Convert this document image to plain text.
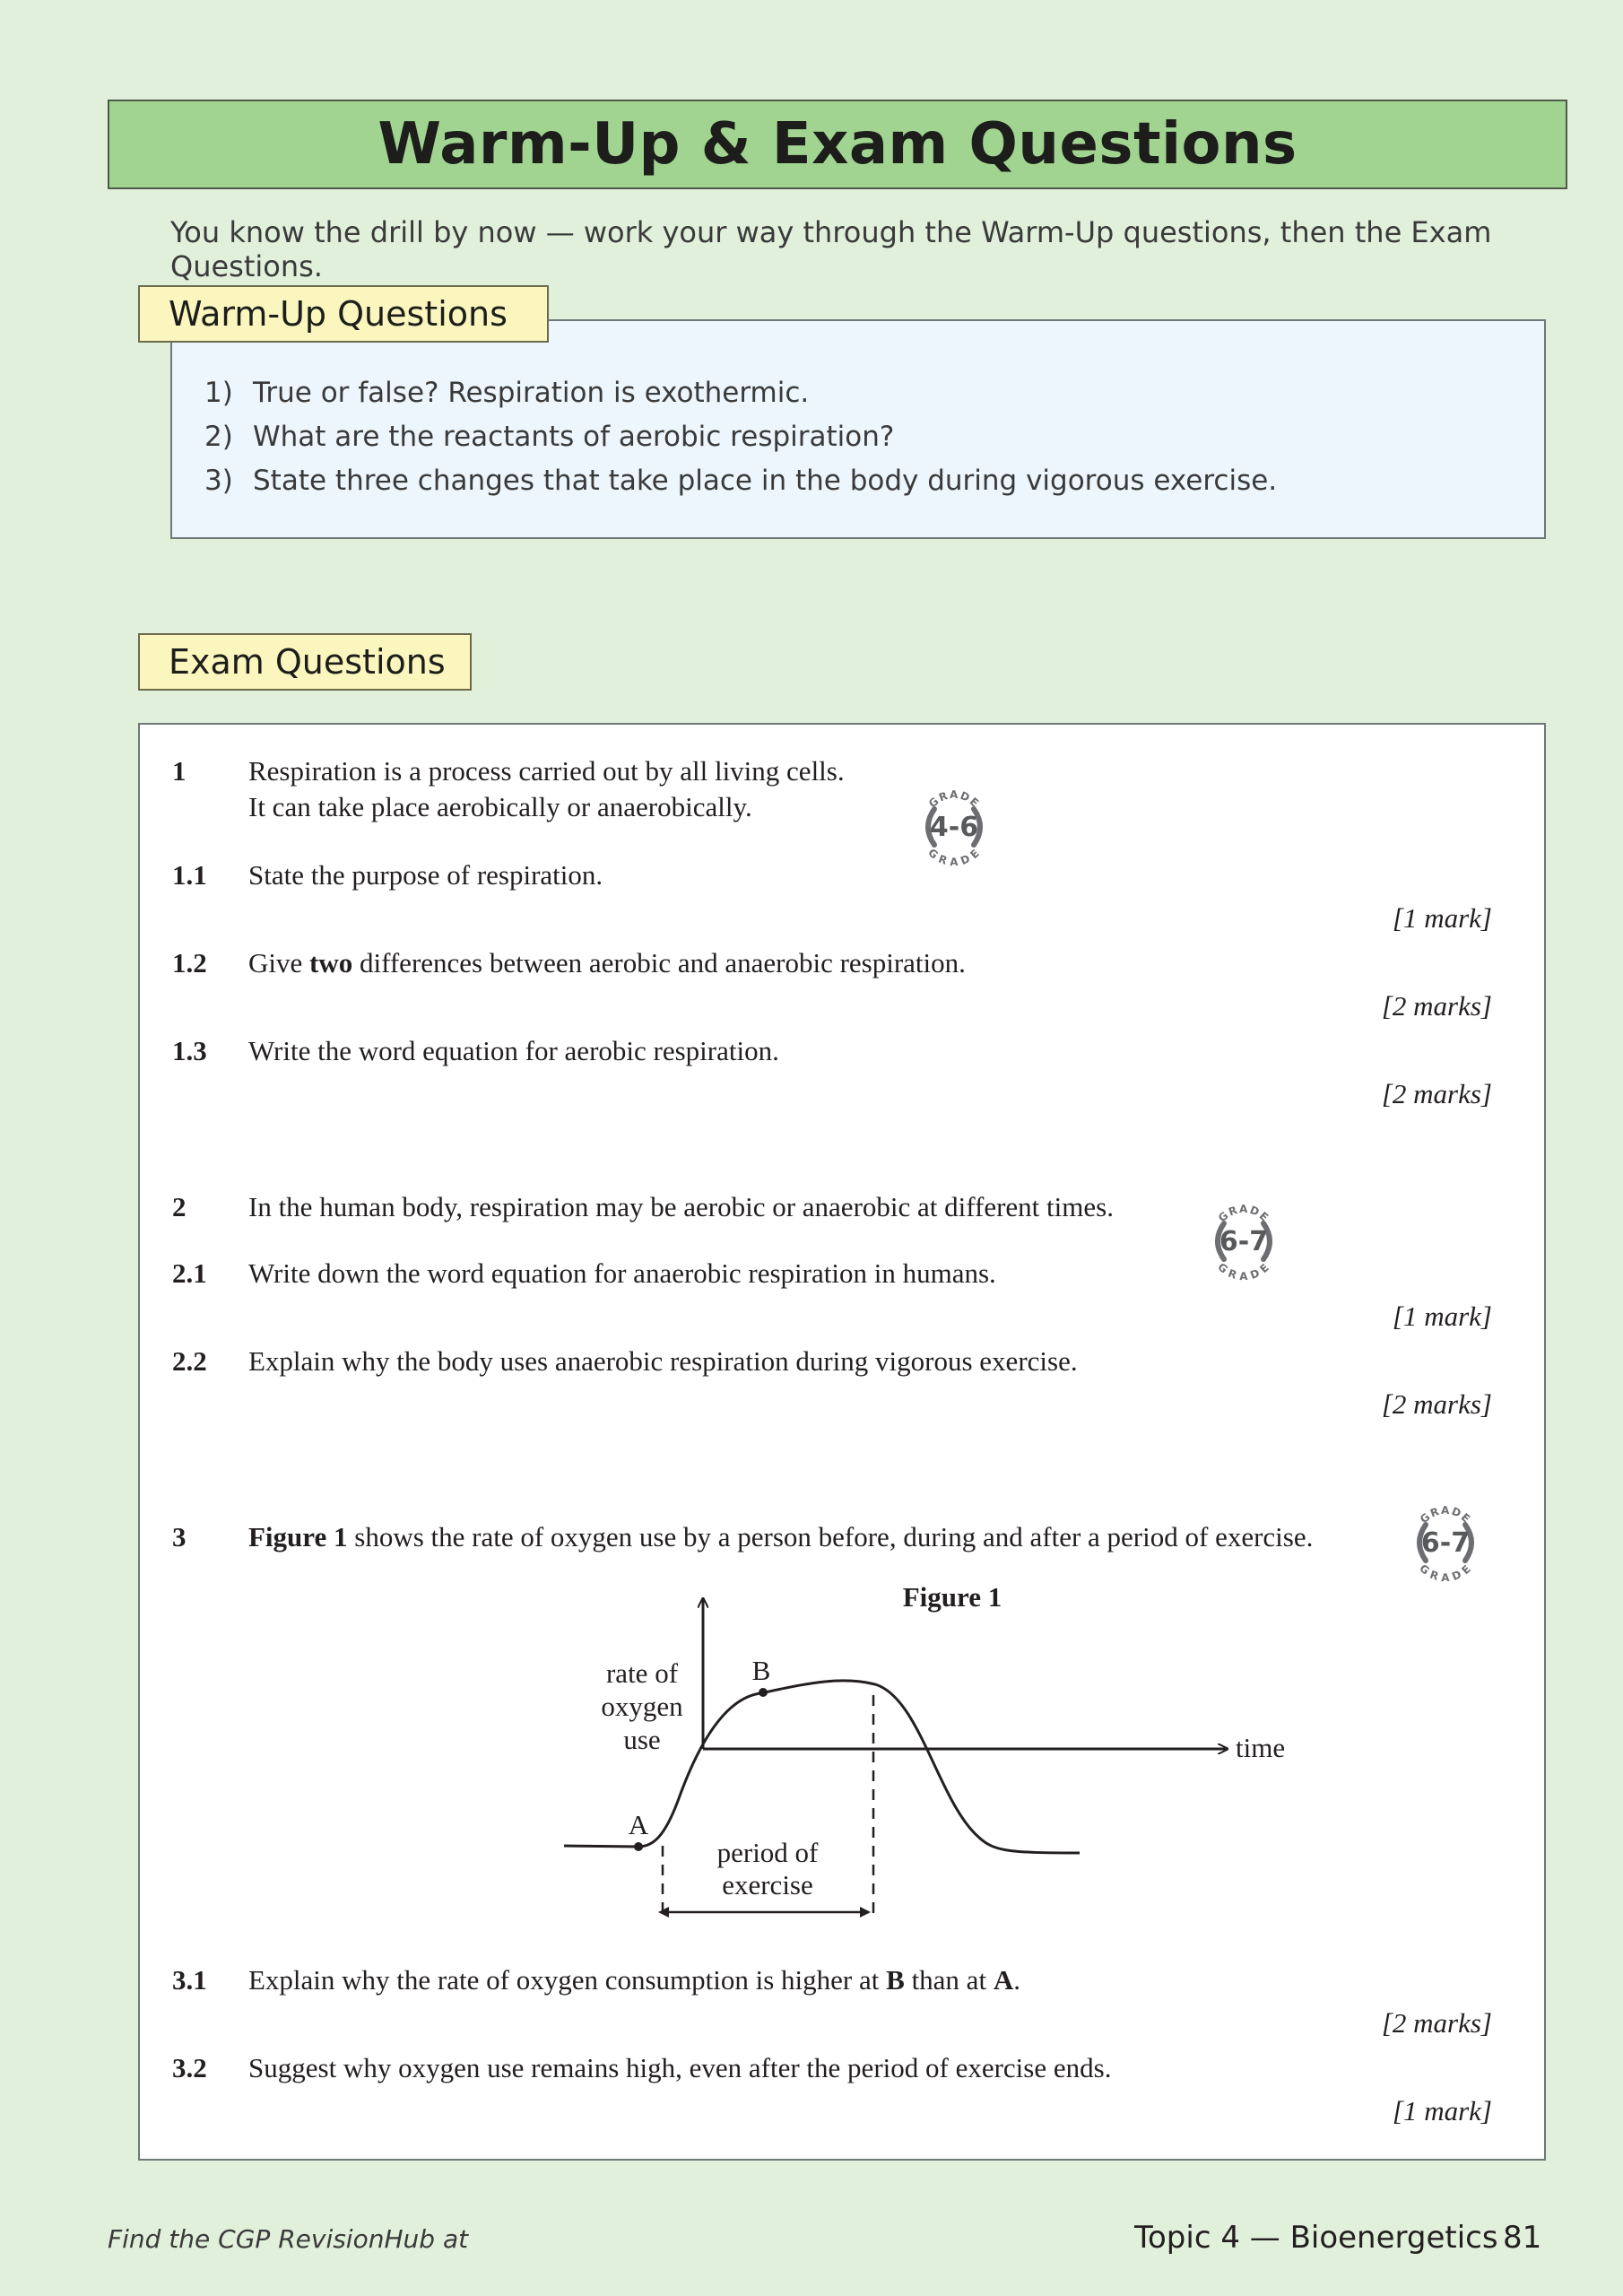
Warm-Up & Exam Questions
You know the drill by now — work your way through the Warm-Up questions, then the Exam Questions.
Warm-Up Questions
1) True or false? Respiration is exothermic.
2) What are the reactants of aerobic respiration?
3) State three changes that take place in the body during vigorous exercise.
Exam Questions
1 Respiration is a process carried out by all living cells.
It can take place aerobically or anaerobically.	GRADE
GRADE
4-6
1.1 State the purpose of respiration.
[1 mark]
1.2 Give two differences between aerobic and anaerobic respiration.
[2 marks]
1.3 Write the word equation for aerobic respiration.
[2 marks]
2 In the human body, respiration may be aerobic or anaerobic at different times.	GRADE
GRADE
6-7
2.1 Write down the word equation for anaerobic respiration in humans.
[1 mark]
2.2 Explain why the body uses anaerobic respiration during vigorous exercise.
[2 marks]
3 Figure 1 shows the rate of oxygen use by a person before, during and after a period of exercise.
GRADE
GRADE
6-7
Figure 1
rate of
oxygen
use	time
A
B
period of
exercise
3.1 Explain why the rate of oxygen consumption is higher at B than at A.
[2 marks]
3.2 Suggest why oxygen use remains high, even after the period of exercise ends.
[1 mark]
Find the CGP RevisionHub at	Topic 4 — Bioenergetics 81
